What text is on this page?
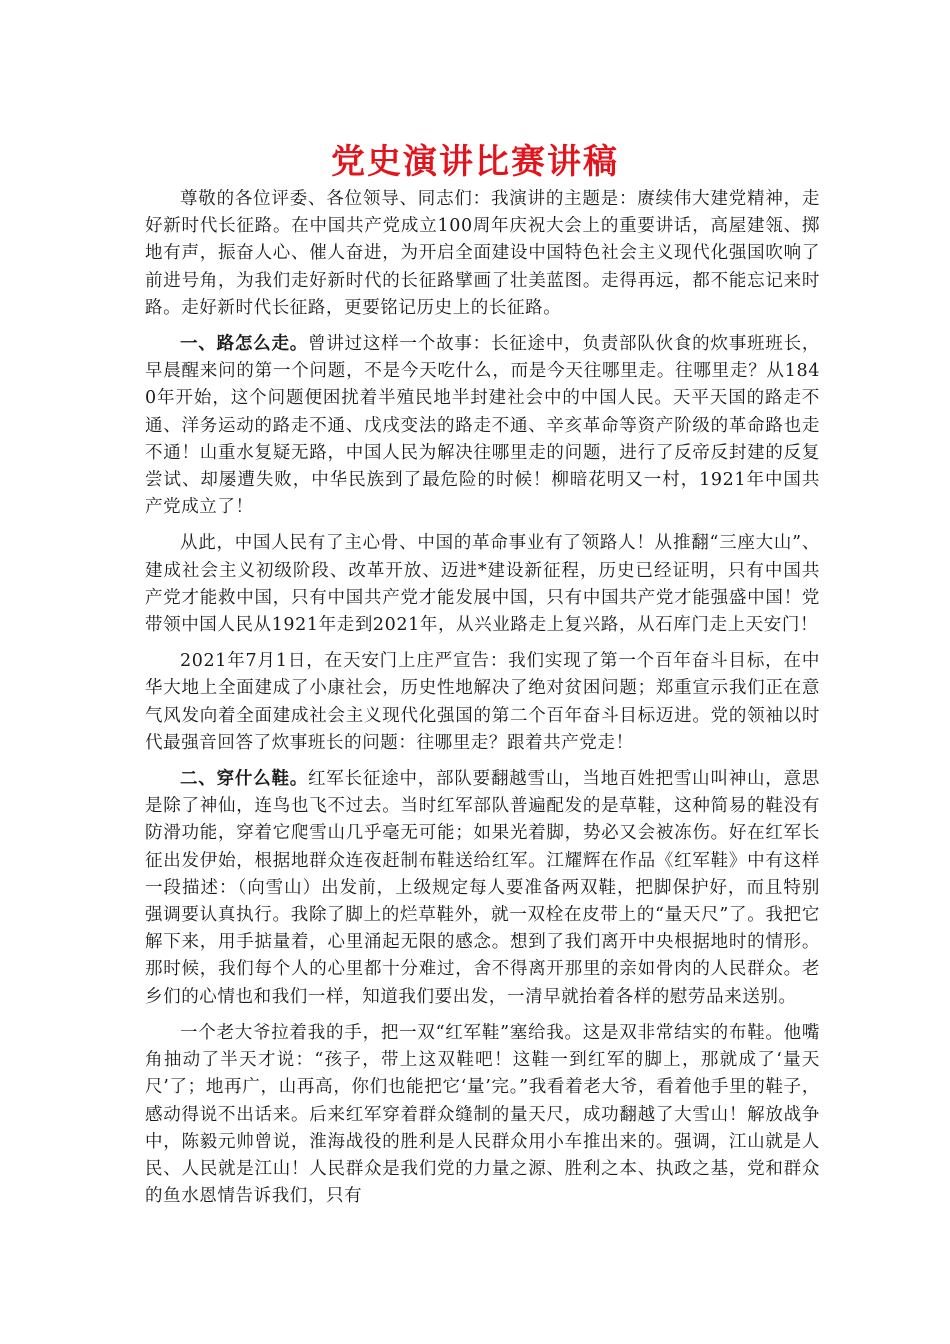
党史演讲比赛讲稿

尊敬的各位评委、各位领导、同志们：我演讲的主题是：赓续伟大建党精神，走好新时代长征路。在中国共产党成立100周年庆祝大会上的重要讲话，高屋建瓴、掷地有声，振奋人心、催人奋进，为开启全面建设中国特色社会主义现代化强国吹响了前进号角，为我们走好新时代的长征路擘画了壮美蓝图。走得再远，都不能忘记来时路。走好新时代长征路，更要铭记历史上的长征路。

一、路怎么走。曾讲过这样一个故事：长征途中，负责部队伙食的炊事班班长，早晨醒来问的第一个问题，不是今天吃什么，而是今天往哪里走。往哪里走？从1840年开始，这个问题便困扰着半殖民地半封建社会中的中国人民。天平天国的路走不通、洋务运动的路走不通、戊戌变法的路走不通、辛亥革命等资产阶级的革命路也走不通！山重水复疑无路，中国人民为解决往哪里走的问题，进行了反帝反封建的反复尝试、却屡遭失败，中华民族到了最危险的时候！柳暗花明又一村，1921年中国共产党成立了！

从此，中国人民有了主心骨、中国的革命事业有了领路人！从推翻“三座大山”、建成社会主义初级阶段、改革开放、迈进*建设新征程，历史已经证明，只有中国共产党才能救中国，只有中国共产党才能发展中国，只有中国共产党才能强盛中国！党带领中国人民从1921年走到2021年，从兴业路走上复兴路，从石库门走上天安门！

2021年7月1日，在天安门上庄严宣告：我们实现了第一个百年奋斗目标，在中华大地上全面建成了小康社会，历史性地解决了绝对贫困问题；郑重宣示我们正在意气风发向着全面建成社会主义现代化强国的第二个百年奋斗目标迈进。党的领袖以时代最强音回答了炊事班长的问题：往哪里走？跟着共产党走！

二、穿什么鞋。红军长征途中，部队要翻越雪山，当地百姓把雪山叫神山，意思是除了神仙，连鸟也飞不过去。当时红军部队普遍配发的是草鞋，这种简易的鞋没有防滑功能，穿着它爬雪山几乎毫无可能；如果光着脚，势必又会被冻伤。好在红军长征出发伊始，根据地群众连夜赶制布鞋送给红军。江耀辉在作品《红军鞋》中有这样一段描述：（向雪山）出发前，上级规定每人要准备两双鞋，把脚保护好，而且特别强调要认真执行。我除了脚上的烂草鞋外，就一双栓在皮带上的“量天尺”了。我把它解下来，用手掂量着，心里涌起无限的感念。想到了我们离开中央根据地时的情形。那时候，我们每个人的心里都十分难过，舍不得离开那里的亲如骨肉的人民群众。老乡们的心情也和我们一样，知道我们要出发，一清早就抬着各样的慰劳品来送别。

一个老大爷拉着我的手，把一双“红军鞋”塞给我。这是双非常结实的布鞋。他嘴角抽动了半天才说：“孩子，带上这双鞋吧！这鞋一到红军的脚上，那就成了‘量天尺’了；地再广，山再高，你们也能把它‘量’完。”我看着老大爷，看着他手里的鞋子，感动得说不出话来。后来红军穿着群众缝制的量天尺，成功翻越了大雪山！解放战争中，陈毅元帅曾说，淮海战役的胜利是人民群众用小车推出来的。强调，江山就是人民、人民就是江山！人民群众是我们党的力量之源、胜利之本、执政之基，党和群众的鱼水恩情告诉我们，只有
